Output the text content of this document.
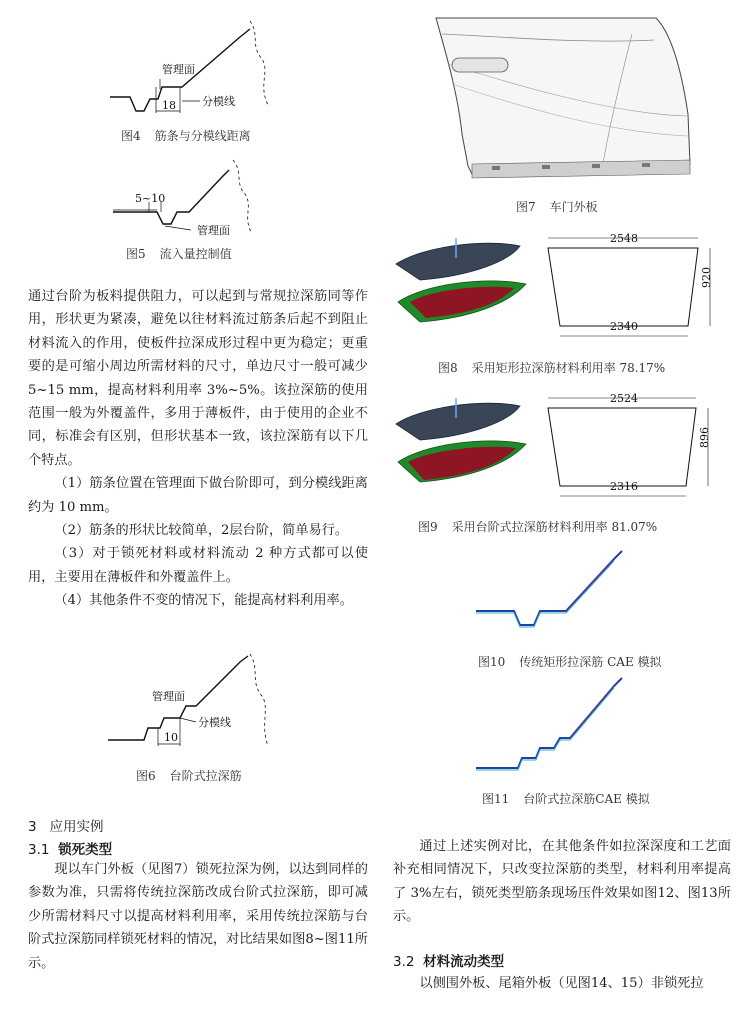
管理面
分模线
18
图4 筋条与分模线距离
5~10
管理面
图5 流入量控制值

通过台阶为板料提供阻力，可以起到与常规拉深筋同等作用，形状更为紧凑，避免以往材料流过筋条后起不到阻止材料流入的作用，使板件拉深成形过程中更为稳定；更重要的是可缩小周边所需材料的尺寸，单边尺寸一般可减少5~15 mm，提高材料利用率 3%~5%。该拉深筋的使用范围一般为外覆盖件，多用于薄板件，由于使用的企业不同，标准会有区别，但形状基本一致，该拉深筋有以下几个特点。

（1）筋条位置在管理面下做台阶即可，到分模线距离约为 10 mm。

（2）筋条的形状比较简单，2层台阶，简单易行。

（3）对于锁死材料或材料流动 2 种方式都可以使用，主要用在薄板件和外覆盖件上。

（4）其他条件不变的情况下，能提高材料利用率。

管理面
分模线
10
图6 台阶式拉深筋
3 应用实例
3.1 锁死类型

现以车门外板（见图7）锁死拉深为例，以达到同样的参数为准，只需将传统拉深筋改成台阶式拉深筋，即可减少所需材料尺寸以提高材料利用率，采用传统拉深筋与台阶式拉深筋同样锁死材料的情况，对比结果如图8~图11所示。

图7 车门外板
2548
2340
920
图8 采用矩形拉深筋材料利用率 78.17%
2524
2316
896
图9 采用台阶式拉深筋材料利用率 81.07%
图10 传统矩形拉深筋 CAE 模拟
图11 台阶式拉深筋CAE 模拟

通过上述实例对比，在其他条件如拉深深度和工艺面补充相同情况下，只改变拉深筋的类型，材料利用率提高了 3%左右，锁死类型筋条现场压件效果如图12、图13所示。

3.2 材料流动类型

以侧围外板、尾箱外板（见图14、15）非锁死拉
